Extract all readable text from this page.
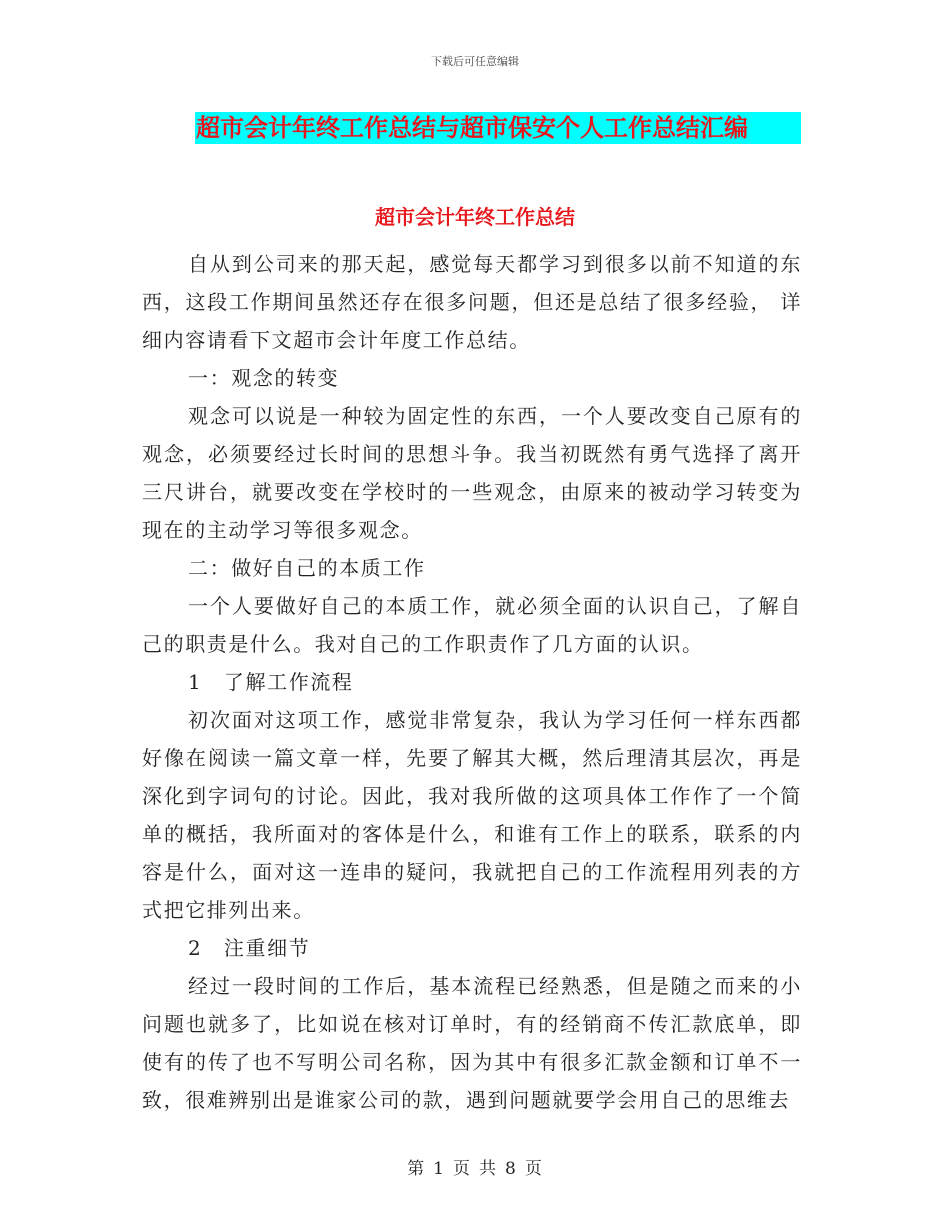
下载后可任意编辑
超市会计年终工作总结与超市保安个人工作总结汇编
超市会计年终工作总结

自从到公司来的那天起，感觉每天都学习到很多以前不知道的东西，这段工作期间虽然还存在很多问题，但还是总结了很多经验， 详细内容请看下文超市会计年度工作总结。

一：观念的转变

观念可以说是一种较为固定性的东西，一个人要改变自己原有的观念，必须要经过长时间的思想斗争。我当初既然有勇气选择了离开三尺讲台，就要改变在学校时的一些观念，由原来的被动学习转变为现在的主动学习等很多观念。

二：做好自己的本质工作

一个人要做好自己的本质工作，就必须全面的认识自己，了解自己的职责是什么。我对自己的工作职责作了几方面的认识。

1　了解工作流程

初次面对这项工作，感觉非常复杂，我认为学习任何一样东西都好像在阅读一篇文章一样，先要了解其大概，然后理清其层次，再是深化到字词句的讨论。因此，我对我所做的这项具体工作作了一个简单的概括，我所面对的客体是什么，和谁有工作上的联系，联系的内容是什么，面对这一连串的疑问，我就把自己的工作流程用列表的方式把它排列出来。

2　注重细节

经过一段时间的工作后，基本流程已经熟悉，但是随之而来的小问题也就多了，比如说在核对订单时，有的经销商不传汇款底单，即使有的传了也不写明公司名称，因为其中有很多汇款金额和订单不一致，很难辨别出是谁家公司的款，遇到问题就要学会用自己的思维去

第 1 页 共 8 页
